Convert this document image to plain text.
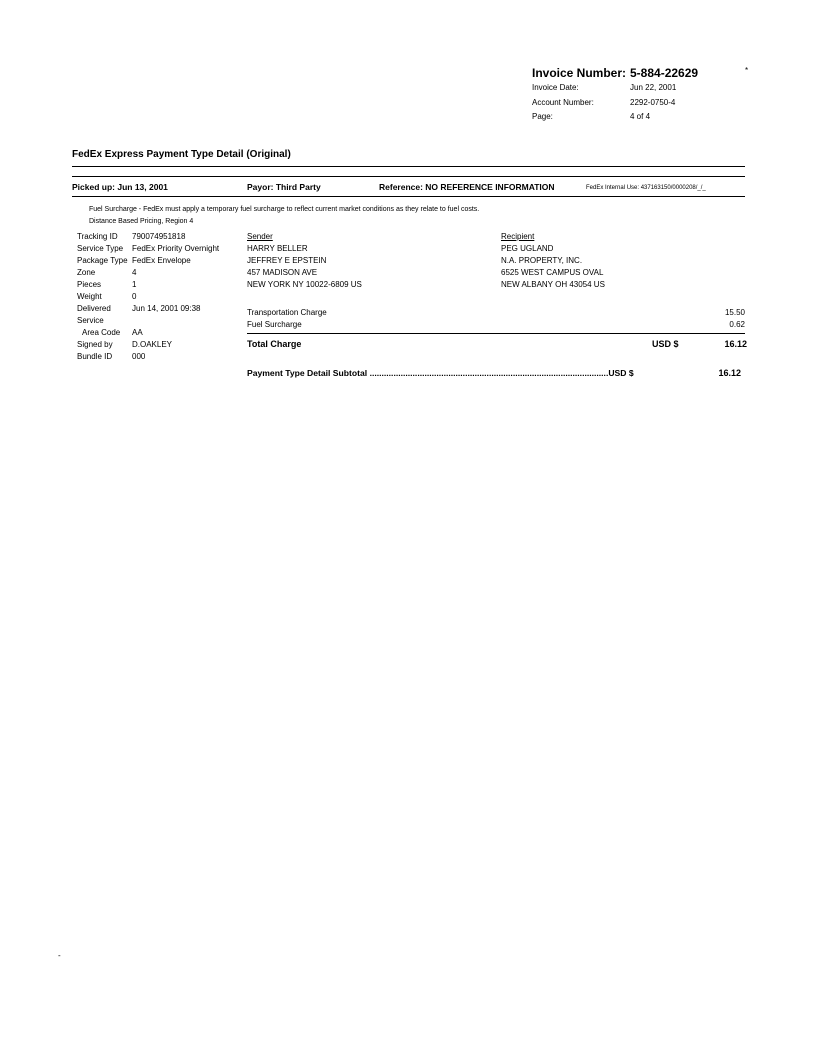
Invoice Number: 5-884-22629	*
Invoice Date:	Jun 22, 2001
Account Number:	2292-0750-4
Page:	4 of 4
FedEx Express Payment Type Detail (Original)
Picked up: Jun 13, 2001	Payor: Third Party	Reference: NO REFERENCE INFORMATION	FedEx Internal Use: 437163150/0000208/_/_
Fuel Surcharge - FedEx must apply a temporary fuel surcharge to reflect current market conditions as they relate to fuel costs.
Distance Based Pricing, Region 4
Tracking ID 790074951818
Service Type FedEx Priority Overnight
Package Type FedEx Envelope
Zone	4
Pieces	1
Weight	0
Delivered	Jun 14, 2001 09:38
Service
Area Code AA
Signed by D.OAKLEY
Bundle ID 000
Sender
HARRY BELLER
JEFFREY E EPSTEIN
457 MADISON AVE
NEW YORK NY 10022-6809 US
Recipient
PEG UGLAND
N.A. PROPERTY, INC.
6525 WEST CAMPUS OVAL
NEW ALBANY OH 43054 US
Transportation Charge	15.50
Fuel Surcharge	0.62
Total Charge	USD $	16.12
Payment Type Detail Subtotal ....................................................................................................USD $	16.12
-
